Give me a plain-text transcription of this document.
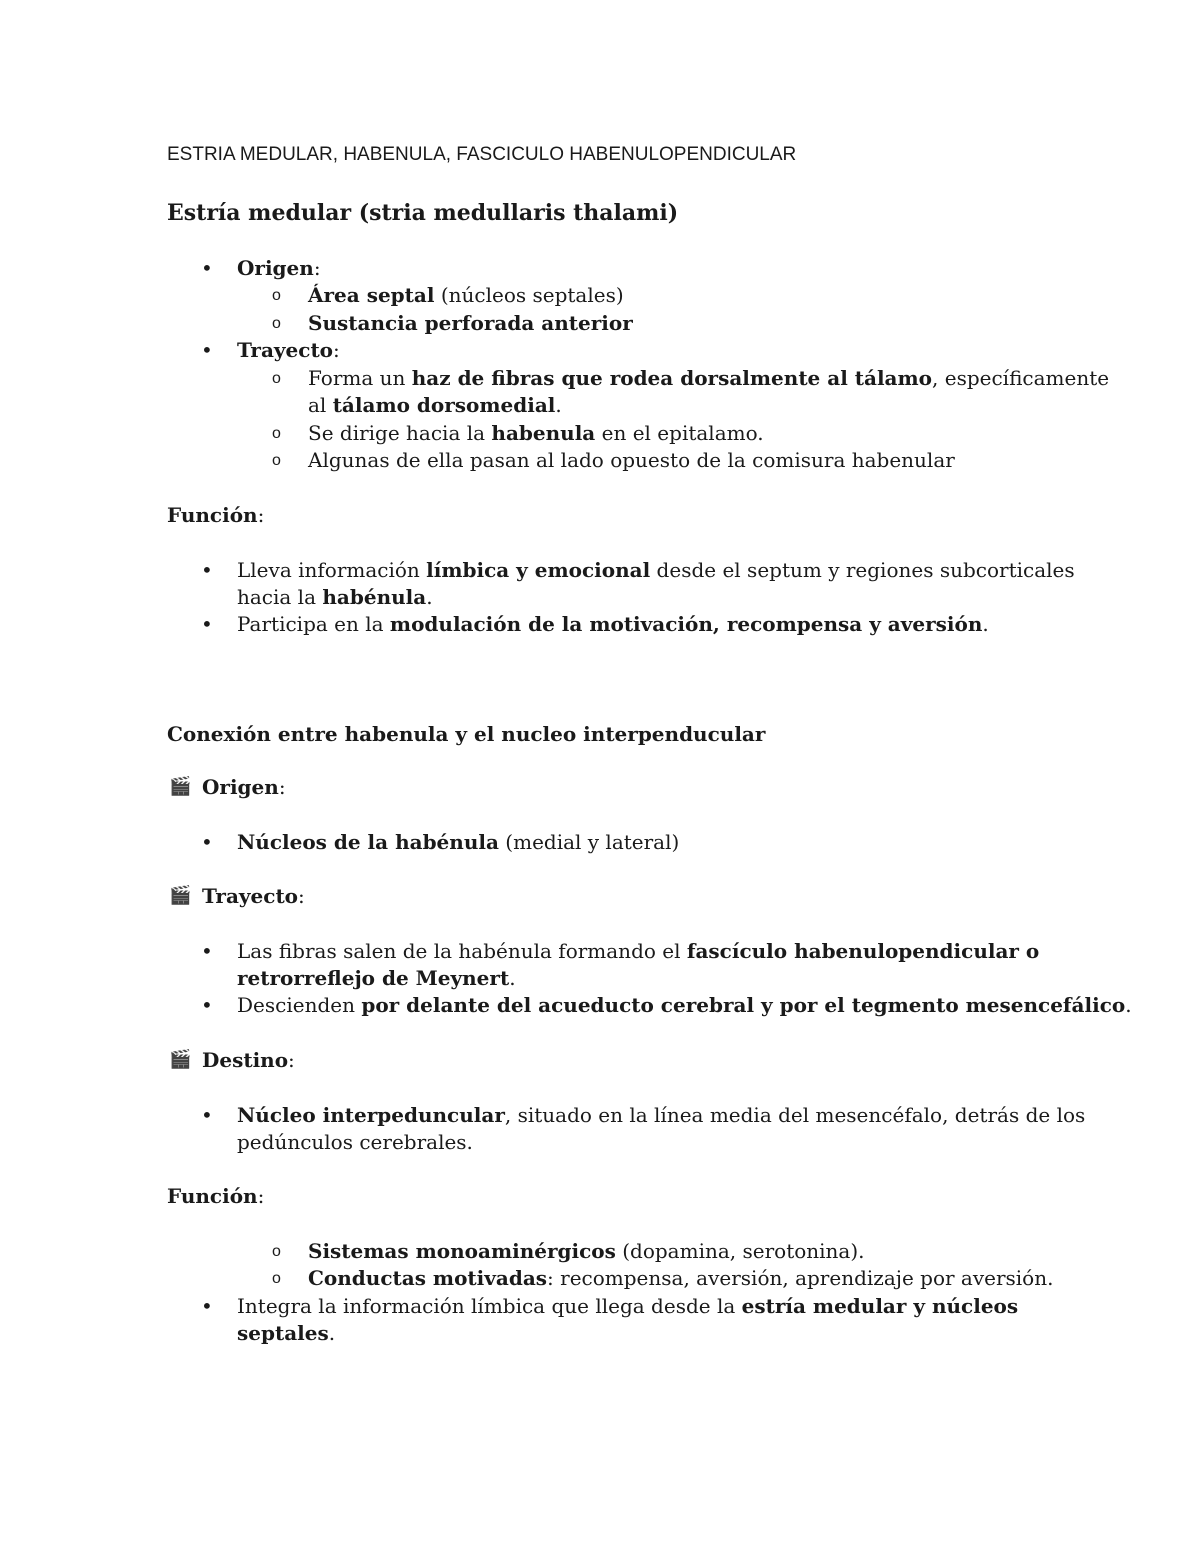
ESTRIA MEDULAR, HABENULA, FASCICULO HABENULOPENDICULAR
Estría medular (stria medullaris thalami)
• Origen:
o Área septal (núcleos septales)
o Sustancia perforada anterior
• Trayecto:
o Forma un haz de fibras que rodea dorsalmente al tálamo, específicamente
al tálamo dorsomedial.
o Se dirige hacia la habenula en el epitalamo.
o Algunas de ella pasan al lado opuesto de la comisura habenular
Función:
• Lleva información límbica y emocional desde el septum y regiones subcorticales
hacia la habénula.
• Participa en la modulación de la motivación, recompensa y aversión.
Conexión entre habenula y el nucleo interpenducular
🎬 Origen:
• Núcleos de la habénula (medial y lateral)
🎬 Trayecto:
• Las fibras salen de la habénula formando el fascículo habenulopendicular o
retrorreflejo de Meynert.
• Descienden por delante del acueducto cerebral y por el tegmento mesencefálico.
🎬 Destino:
• Núcleo interpeduncular, situado en la línea media del mesencéfalo, detrás de los
pedúnculos cerebrales.
Función:
o Sistemas monoaminérgicos (dopamina, serotonina).
o Conductas motivadas: recompensa, aversión, aprendizaje por aversión.
• Integra la información límbica que llega desde la estría medular y núcleos
septales.
